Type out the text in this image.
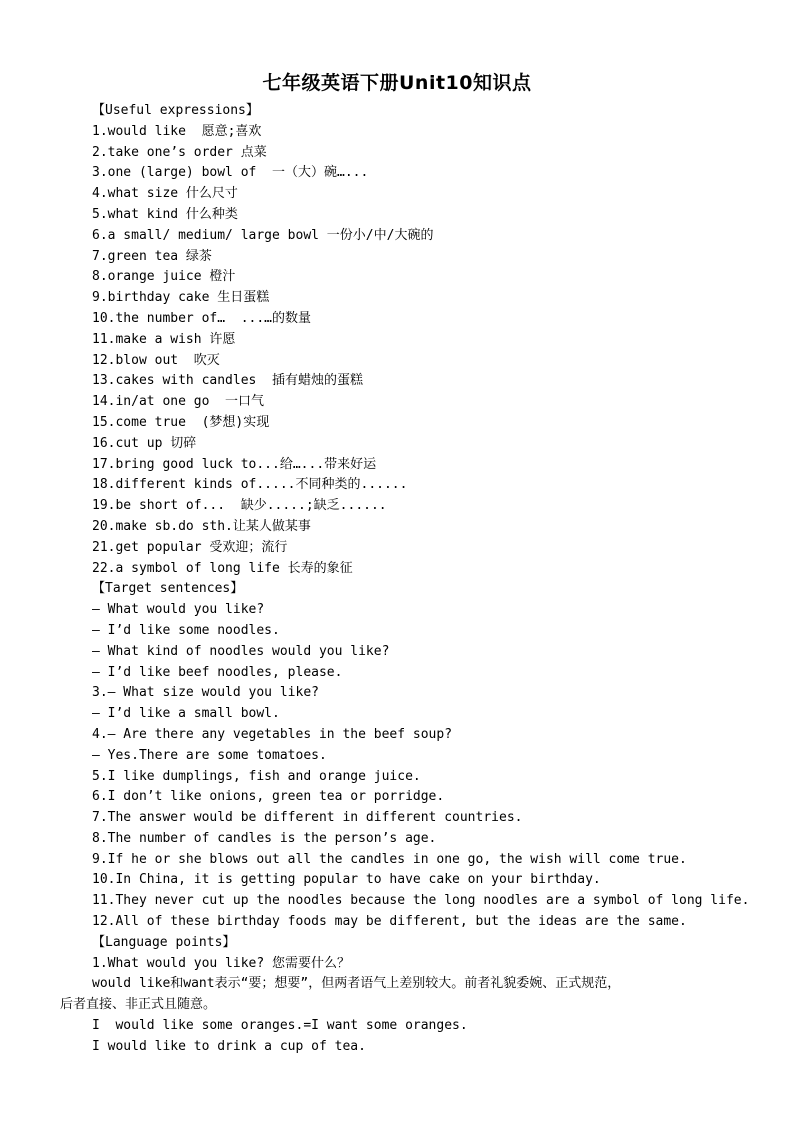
七年级英语下册Unit10知识点
【Useful expressions】
1.would like  愿意;喜欢
2.take one’s order 点菜
3.one (large) bowl of  一（大）碗…...
4.what size 什么尺寸
5.what kind 什么种类
6.a small/ medium/ large bowl 一份小/中/大碗的
7.green tea 绿茶
8.orange juice 橙汁
9.birthday cake 生日蛋糕
10.the number of…  ...…的数量
11.make a wish 许愿
12.blow out  吹灭
13.cakes with candles  插有蜡烛的蛋糕
14.in/at one go  一口气
15.come true  (梦想)实现
16.cut up 切碎
17.bring good luck to...给…...带来好运
18.different kinds of.....不同种类的......
19.be short of...  缺少.....;缺乏......
20.make sb.do sth.让某人做某事
21.get popular 受欢迎；流行
22.a symbol of long life 长寿的象征
【Target sentences】
— What would you like?
— I’d like some noodles.
— What kind of noodles would you like?
— I’d like beef noodles, please.
3.— What size would you like?
— I’d like a small bowl.
4.— Are there any vegetables in the beef soup?
— Yes.There are some tomatoes.
5.I like dumplings, fish and orange juice.
6.I don’t like onions, green tea or porridge.
7.The answer would be different in different countries.
8.The number of candles is the person’s age.
9.If he or she blows out all the candles in one go, the wish will come true.
10.In China, it is getting popular to have cake on your birthday.
11.They never cut up the noodles because the long noodles are a symbol of long life.
12.All of these birthday foods may be different, but the ideas are the same.
【Language points】
1.What would you like? 您需要什么？
would like和want表示“要；想要”，但两者语气上差别较大。前者礼貌委婉、正式规范，
后者直接、非正式且随意。
I  would like some oranges.=I want some oranges.
I would like to drink a cup of tea.
